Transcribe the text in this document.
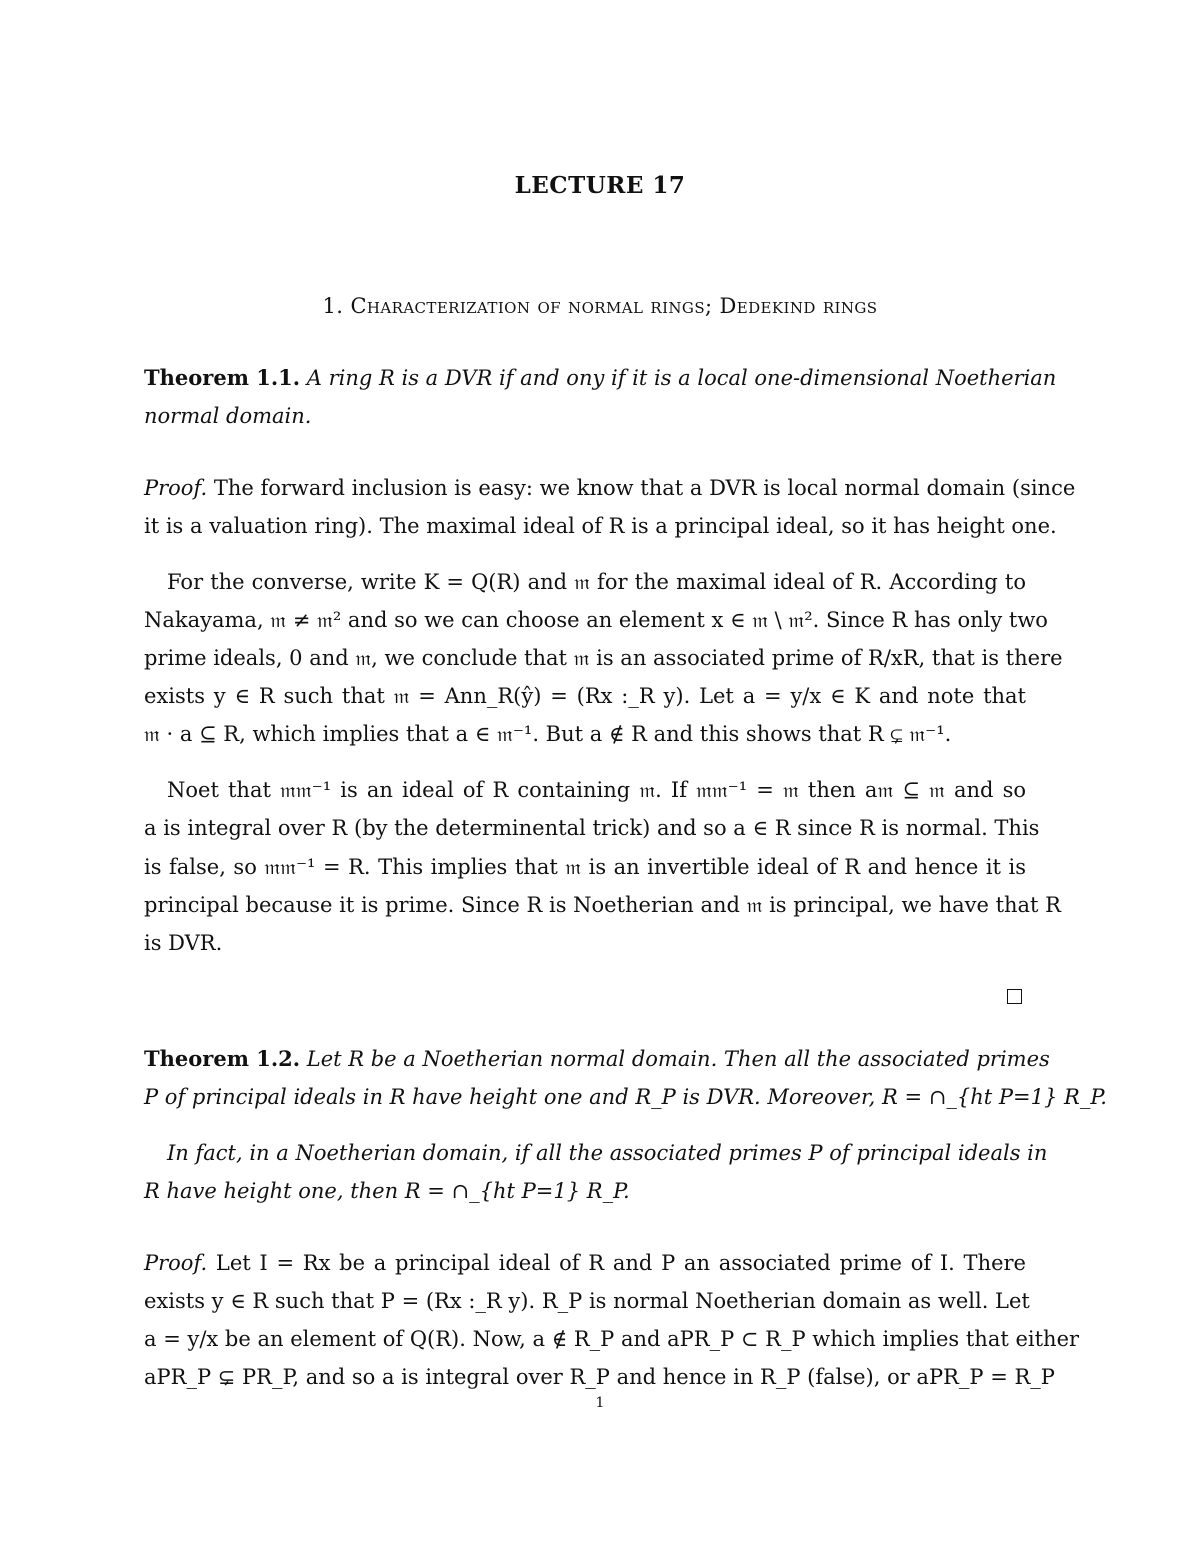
LECTURE 17
1. Characterization of normal rings; Dedekind rings
Theorem 1.1. A ring R is a DVR if and ony if it is a local one-dimensional Noetherian
normal domain.
Proof. The forward inclusion is easy: we know that a DVR is local normal domain (since
it is a valuation ring). The maximal ideal of R is a principal ideal, so it has height one.
For the converse, write K = Q(R) and 𝔪 for the maximal ideal of R. According to
Nakayama, 𝔪 ≠ 𝔪² and so we can choose an element x ∈ 𝔪 \ 𝔪². Since R has only two
prime ideals, 0 and 𝔪, we conclude that 𝔪 is an associated prime of R/xR, that is there
exists y ∈ R such that 𝔪 = Ann_R(ŷ) = (Rx :_R y). Let a = y/x ∈ K and note that
𝔪 · a ⊆ R, which implies that a ∈ 𝔪⁻¹. But a ∉ R and this shows that R ⊊ 𝔪⁻¹.
Noet that 𝔪𝔪⁻¹ is an ideal of R containing 𝔪. If 𝔪𝔪⁻¹ = 𝔪 then a𝔪 ⊆ 𝔪 and so
a is integral over R (by the determinental trick) and so a ∈ R since R is normal. This
is false, so 𝔪𝔪⁻¹ = R. This implies that 𝔪 is an invertible ideal of R and hence it is
principal because it is prime. Since R is Noetherian and 𝔪 is principal, we have that R
is DVR.
Theorem 1.2. Let R be a Noetherian normal domain. Then all the associated primes
P of principal ideals in R have height one and R_P is DVR. Moreover, R = ∩_{ht P=1} R_P.
In fact, in a Noetherian domain, if all the associated primes P of principal ideals in
R have height one, then R = ∩_{ht P=1} R_P.
Proof. Let I = Rx be a principal ideal of R and P an associated prime of I. There
exists y ∈ R such that P = (Rx :_R y). R_P is normal Noetherian domain as well. Let
a = y/x be an element of Q(R). Now, a ∉ R_P and aPR_P ⊂ R_P which implies that either
aPR_P ⊊ PR_P, and so a is integral over R_P and hence in R_P (false), or aPR_P = R_P
1
